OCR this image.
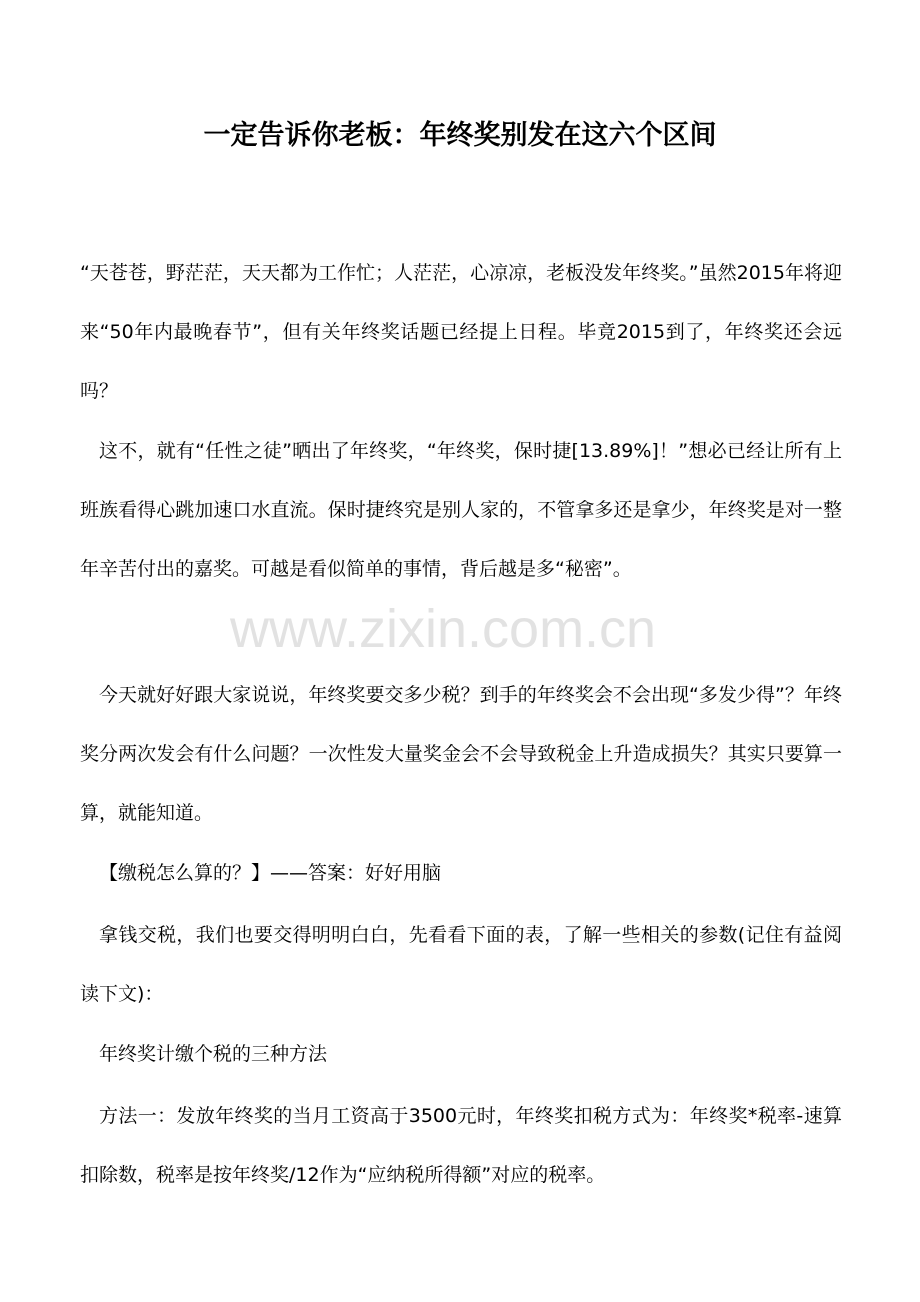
一定告诉你老板：年终奖别发在这六个区间

“天苍苍，野茫茫，天天都为工作忙；人茫茫，心凉凉，老板没发年终奖。”虽然2015年将迎来“50年内最晚春节”，但有关年终奖话题已经提上日程。毕竟2015到了，年终奖还会远吗？

这不，就有“任性之徒”晒出了年终奖，“年终奖，保时捷[13.89%]！”想必已经让所有上班族看得心跳加速口水直流。保时捷终究是别人家的，不管拿多还是拿少，年终奖是对一整年辛苦付出的嘉奖。可越是看似简单的事情，背后越是多“秘密”。

今天就好好跟大家说说，年终奖要交多少税？到手的年终奖会不会出现“多发少得”？年终奖分两次发会有什么问题？一次性发大量奖金会不会导致税金上升造成损失？其实只要算一算，就能知道。

【缴税怎么算的？】——答案：好好用脑

拿钱交税，我们也要交得明明白白，先看看下面的表，了解一些相关的参数(记住有益阅读下文)：

年终奖计缴个税的三种方法

方法一：发放年终奖的当月工资高于3500元时，年终奖扣税方式为：年终奖*税率-速算扣除数，税率是按年终奖/12作为“应纳税所得额”对应的税率。

www.zixin.com.cn
